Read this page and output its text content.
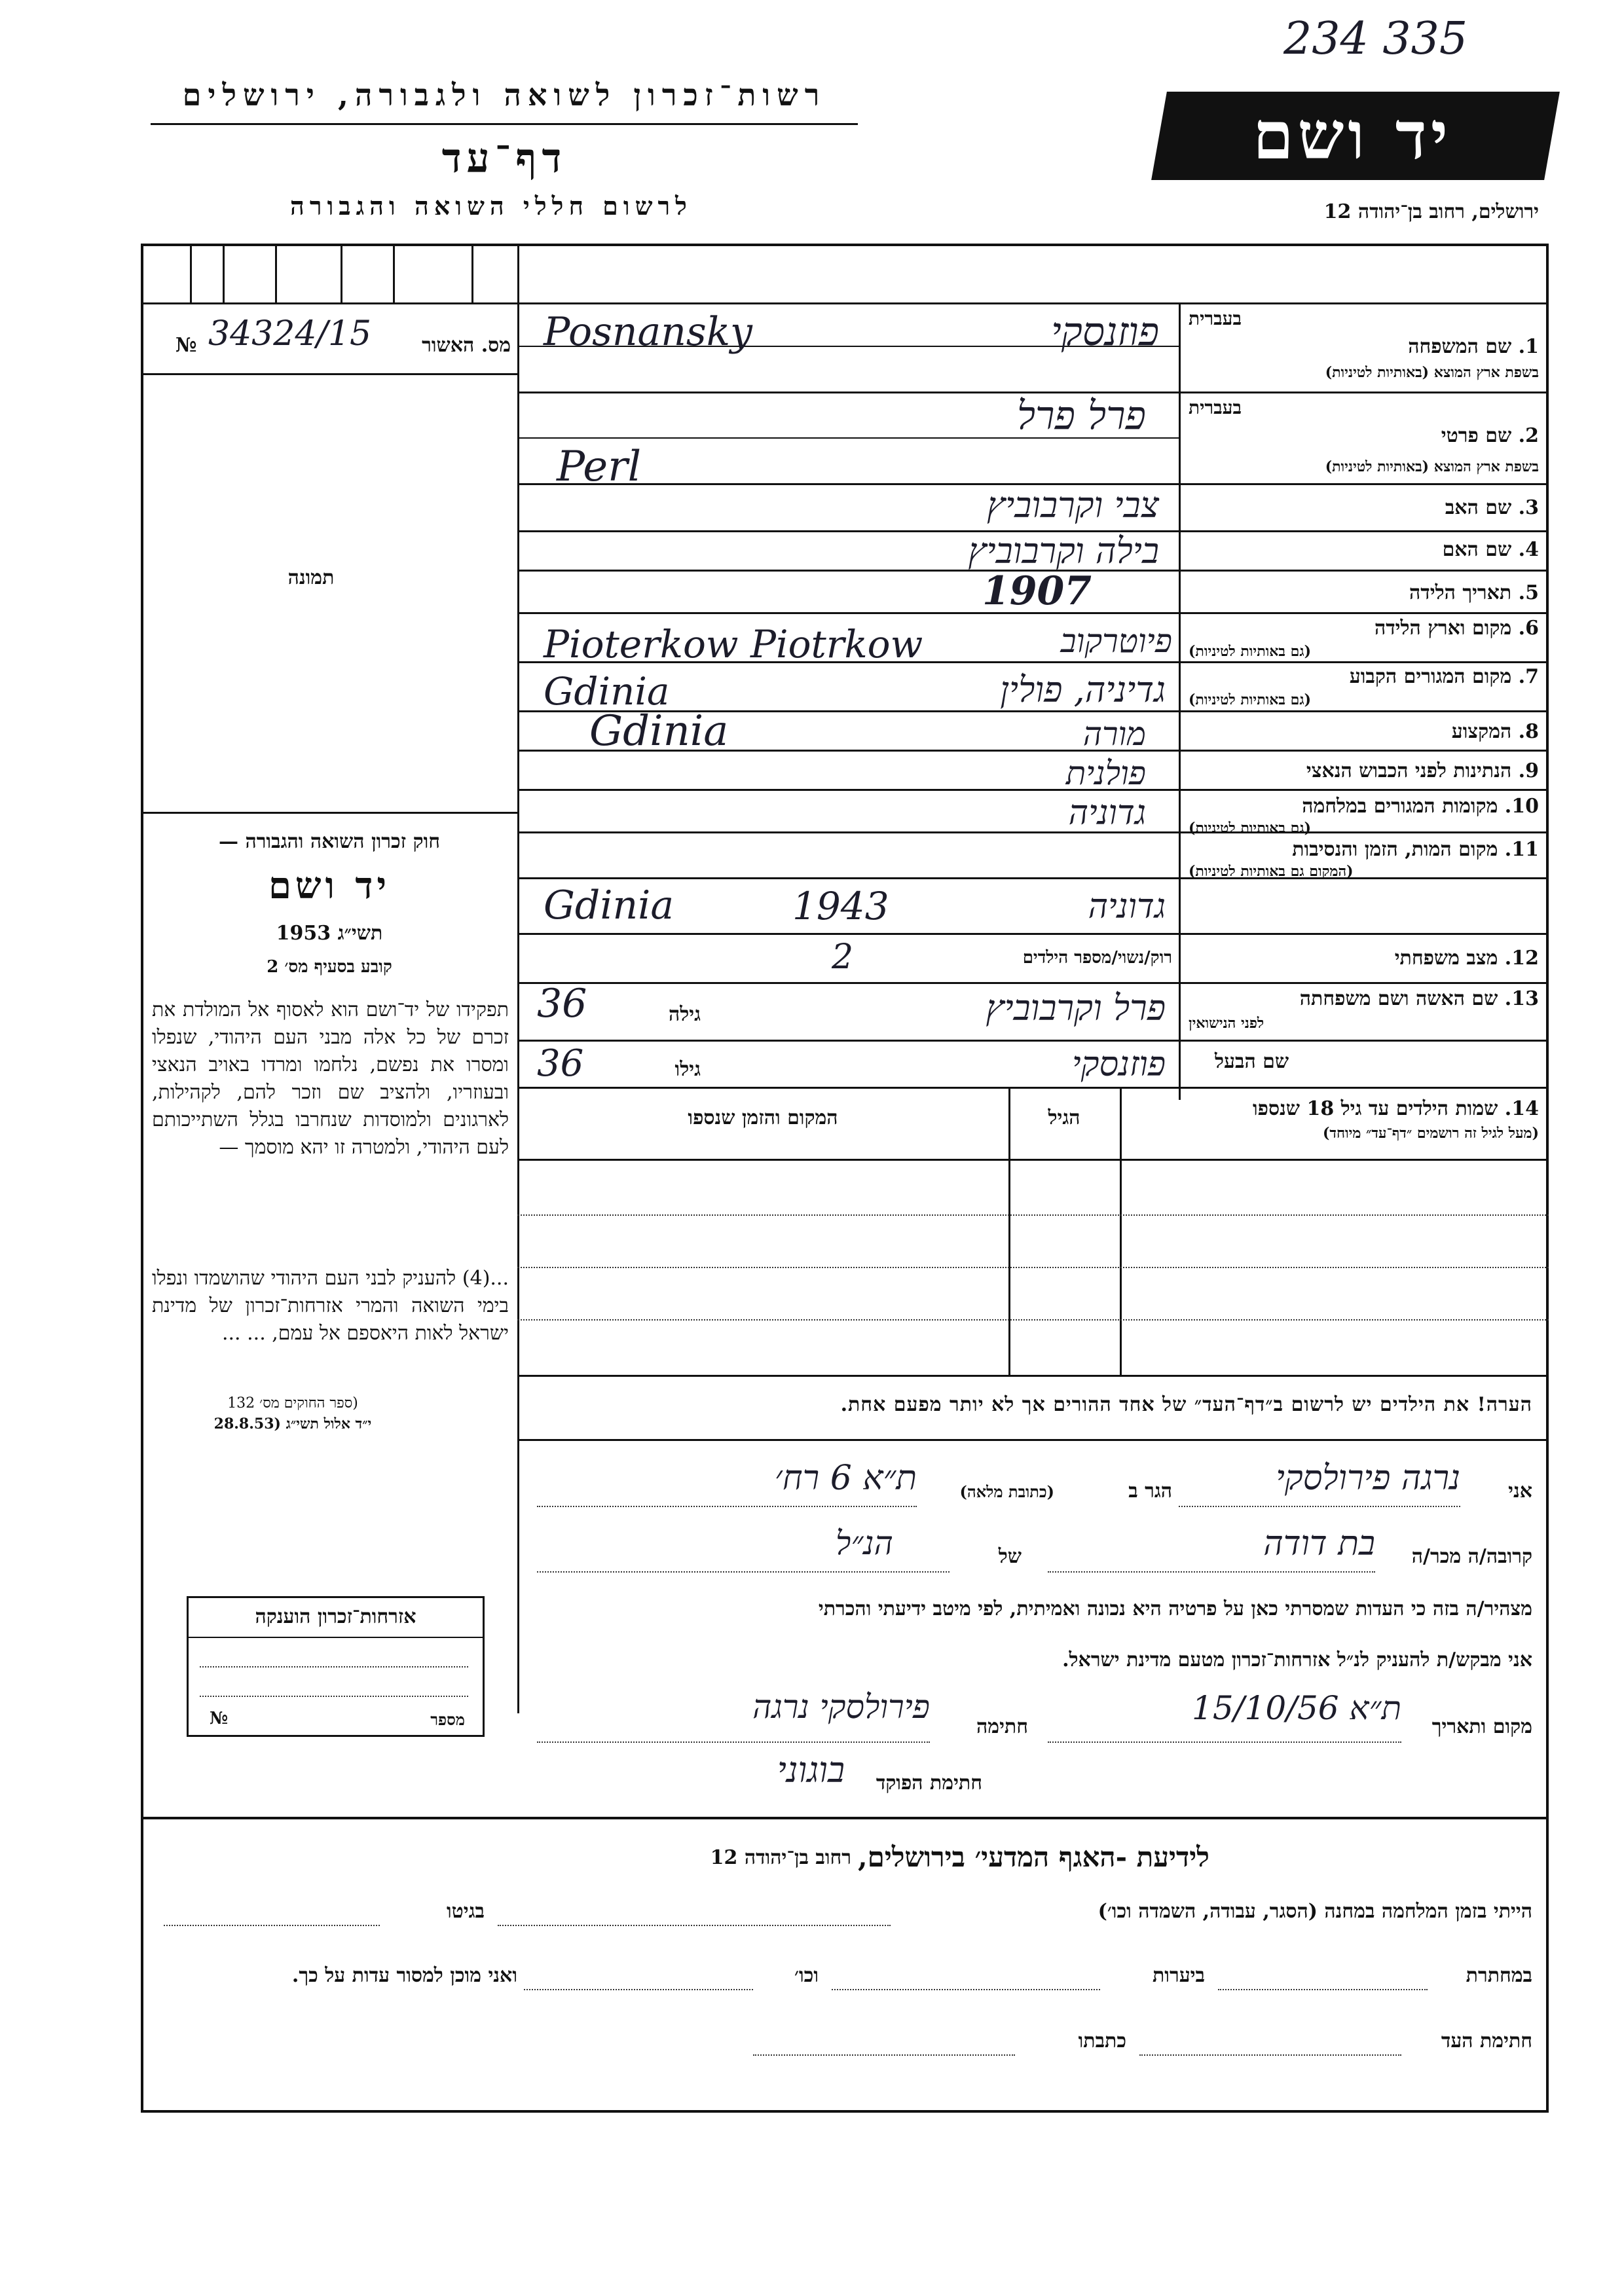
234 335
רשות־זכרון לשואה ולגבורה, ירושלים
דף־עד
לרשום חללי השואה והגבורה
יד ושם
ירושלים, רחוב בן־יהודה 12
№ 34324/15	מס. האשור
תמונה
חוק זכרון השואה והגבורה —
יד ושם
תשי״ג 1953
קובע בסעיף מס׳ 2
תפקידו של יד־ושם הוא לאסוף אל המולדת את זכרם של כל אלה מבני העם היהודי, שנפלו ומסרו את נפשם, נלחמו ומרדו באויב הנאצי ובעוזריו, ולהציב שם וזכר להם, לקהילות, לארגונים ולמוסדות שנחרבו בגלל השתייכותם לעם היהודי, ולמטרה זו יהא מוסמך —
...(4) להעניק לבני העם היהודי שהושמדו ונפלו בימי השואה והמרי אזרחות־זכרון של מדינת ישראל לאות היאספם אל עמם, ... ...
(ספר החוקים מס׳ 132
י״ד אלול תשי״ג (28.8.53
בעברית
1. שם המשפחה
בשפת ארץ המוצא (באותיות לטיניות)
Posnansky	פוזנסקי
בעברית
2. שם פרטי
בשפת ארץ המוצא (באותיות לטיניות)
פרל פרל
Perl
3. שם האב
צבי וקרבוביץ
4. שם האם
בילה וקרבוביץ
5. תאריך הלידה
1907
6. מקום וארץ הלידה
(גם באותיות לטיניות)
Pioterkow Piotrkow	פיוטרקוב
7. מקום המגורים הקבוע
(גם באותיות לטיניות)
Gdinia	גדיניה, פולין
8. המקצוע
Gdinia	מורה
9. הנתינות לפני הכבוש הנאצי
פולנית
10. מקומות המגורים במלחמה
(גם באותיות לטיניות)
גדוניה
11. מקום המות, הזמן והנסיבות
(המקום גם באותיות לטיניות)
Gdinia	1943	גדוניה
12. מצב משפחתי
רוק/נשוי/מספר הילדים
2
13. שם האשה ושם משפחתה
לפני הנישואין
36	גילה	פרל וקרבוביץ
שם הבעל
36	גילו	פוזנסקי
14. שמות הילדים עד גיל 18 שנספו
(מעל לגיל זה רושמים ״דף־עד״ מיוחד)
הגיל
המקום והזמן שנספו
הערה! את הילדים יש לרשום ב״דף־העד״ של אחד ההורים אך לא יותר מפעם אחת.
אני
נרגה פירולסקי
הגר ב
(כתובת מלאה)
ת״א 6 רח׳
קרובה/ה מכר/ה
בת דודה
של
הנ״ל
מצהיר/ה בזה כי העדות שמסרתי כאן על פרטיה היא נכונה ואמיתית, לפי מיטב ידיעתי והכרתי
אני מבקש/ת להעניק לנ״ל אזרחות־זכרון מטעם מדינת ישראל.
מקום ותאריך
ת״א 15/10/56
חתימה
פירולסקי נרגה
חתימת הפוקד
בוגוני
אזרחות־זכרון הוענקה
№	מספר
לידיעת -האגף המדעי׳ בירושלים,
רחוב בן־יהודה 12
הייתי בזמן המלחמה במחנה (הסגר, עבודה, השמדה וכו׳)
בגיטו
במחתרת
ביערות
וכו׳
ואני מוכן למסור עדות על כך.
חתימת העד
כתבתו
